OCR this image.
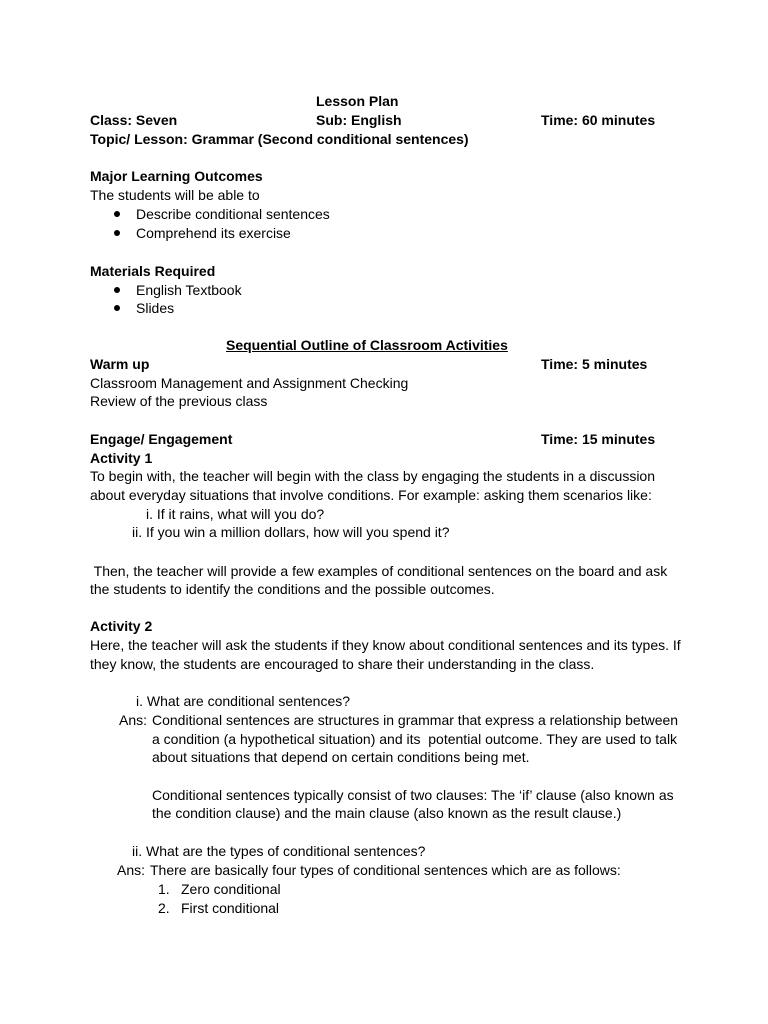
Lesson Plan
Class: Seven	Sub: English	Time: 60 minutes
Topic/ Lesson: Grammar (Second conditional sentences)
Major Learning Outcomes
The students will be able to
Describe conditional sentences
Comprehend its exercise
Materials Required
English Textbook
Slides
Sequential Outline of Classroom Activities
Warm up	Time: 5 minutes
Classroom Management and Assignment Checking
Review of the previous class
Engage/ Engagement	Time: 15 minutes
Activity 1
To begin with, the teacher will begin with the class by engaging the students in a discussion
about everyday situations that involve conditions. For example: asking them scenarios like:
i. If it rains, what will you do?
ii. If you win a million dollars, how will you spend it?
Then, the teacher will provide a few examples of conditional sentences on the board and ask
the students to identify the conditions and the possible outcomes.
Activity 2
Here, the teacher will ask the students if they know about conditional sentences and its types. If
they know, the students are encouraged to share their understanding in the class.
i. What are conditional sentences?
Ans: Conditional sentences are structures in grammar that express a relationship between
a condition (a hypothetical situation) and its  potential outcome. They are used to talk
about situations that depend on certain conditions being met.
Conditional sentences typically consist of two clauses: The ‘if’ clause (also known as
the condition clause) and the main clause (also known as the result clause.)
ii. What are the types of conditional sentences?
Ans: There are basically four types of conditional sentences which are as follows:
1. Zero conditional
2. First conditional
